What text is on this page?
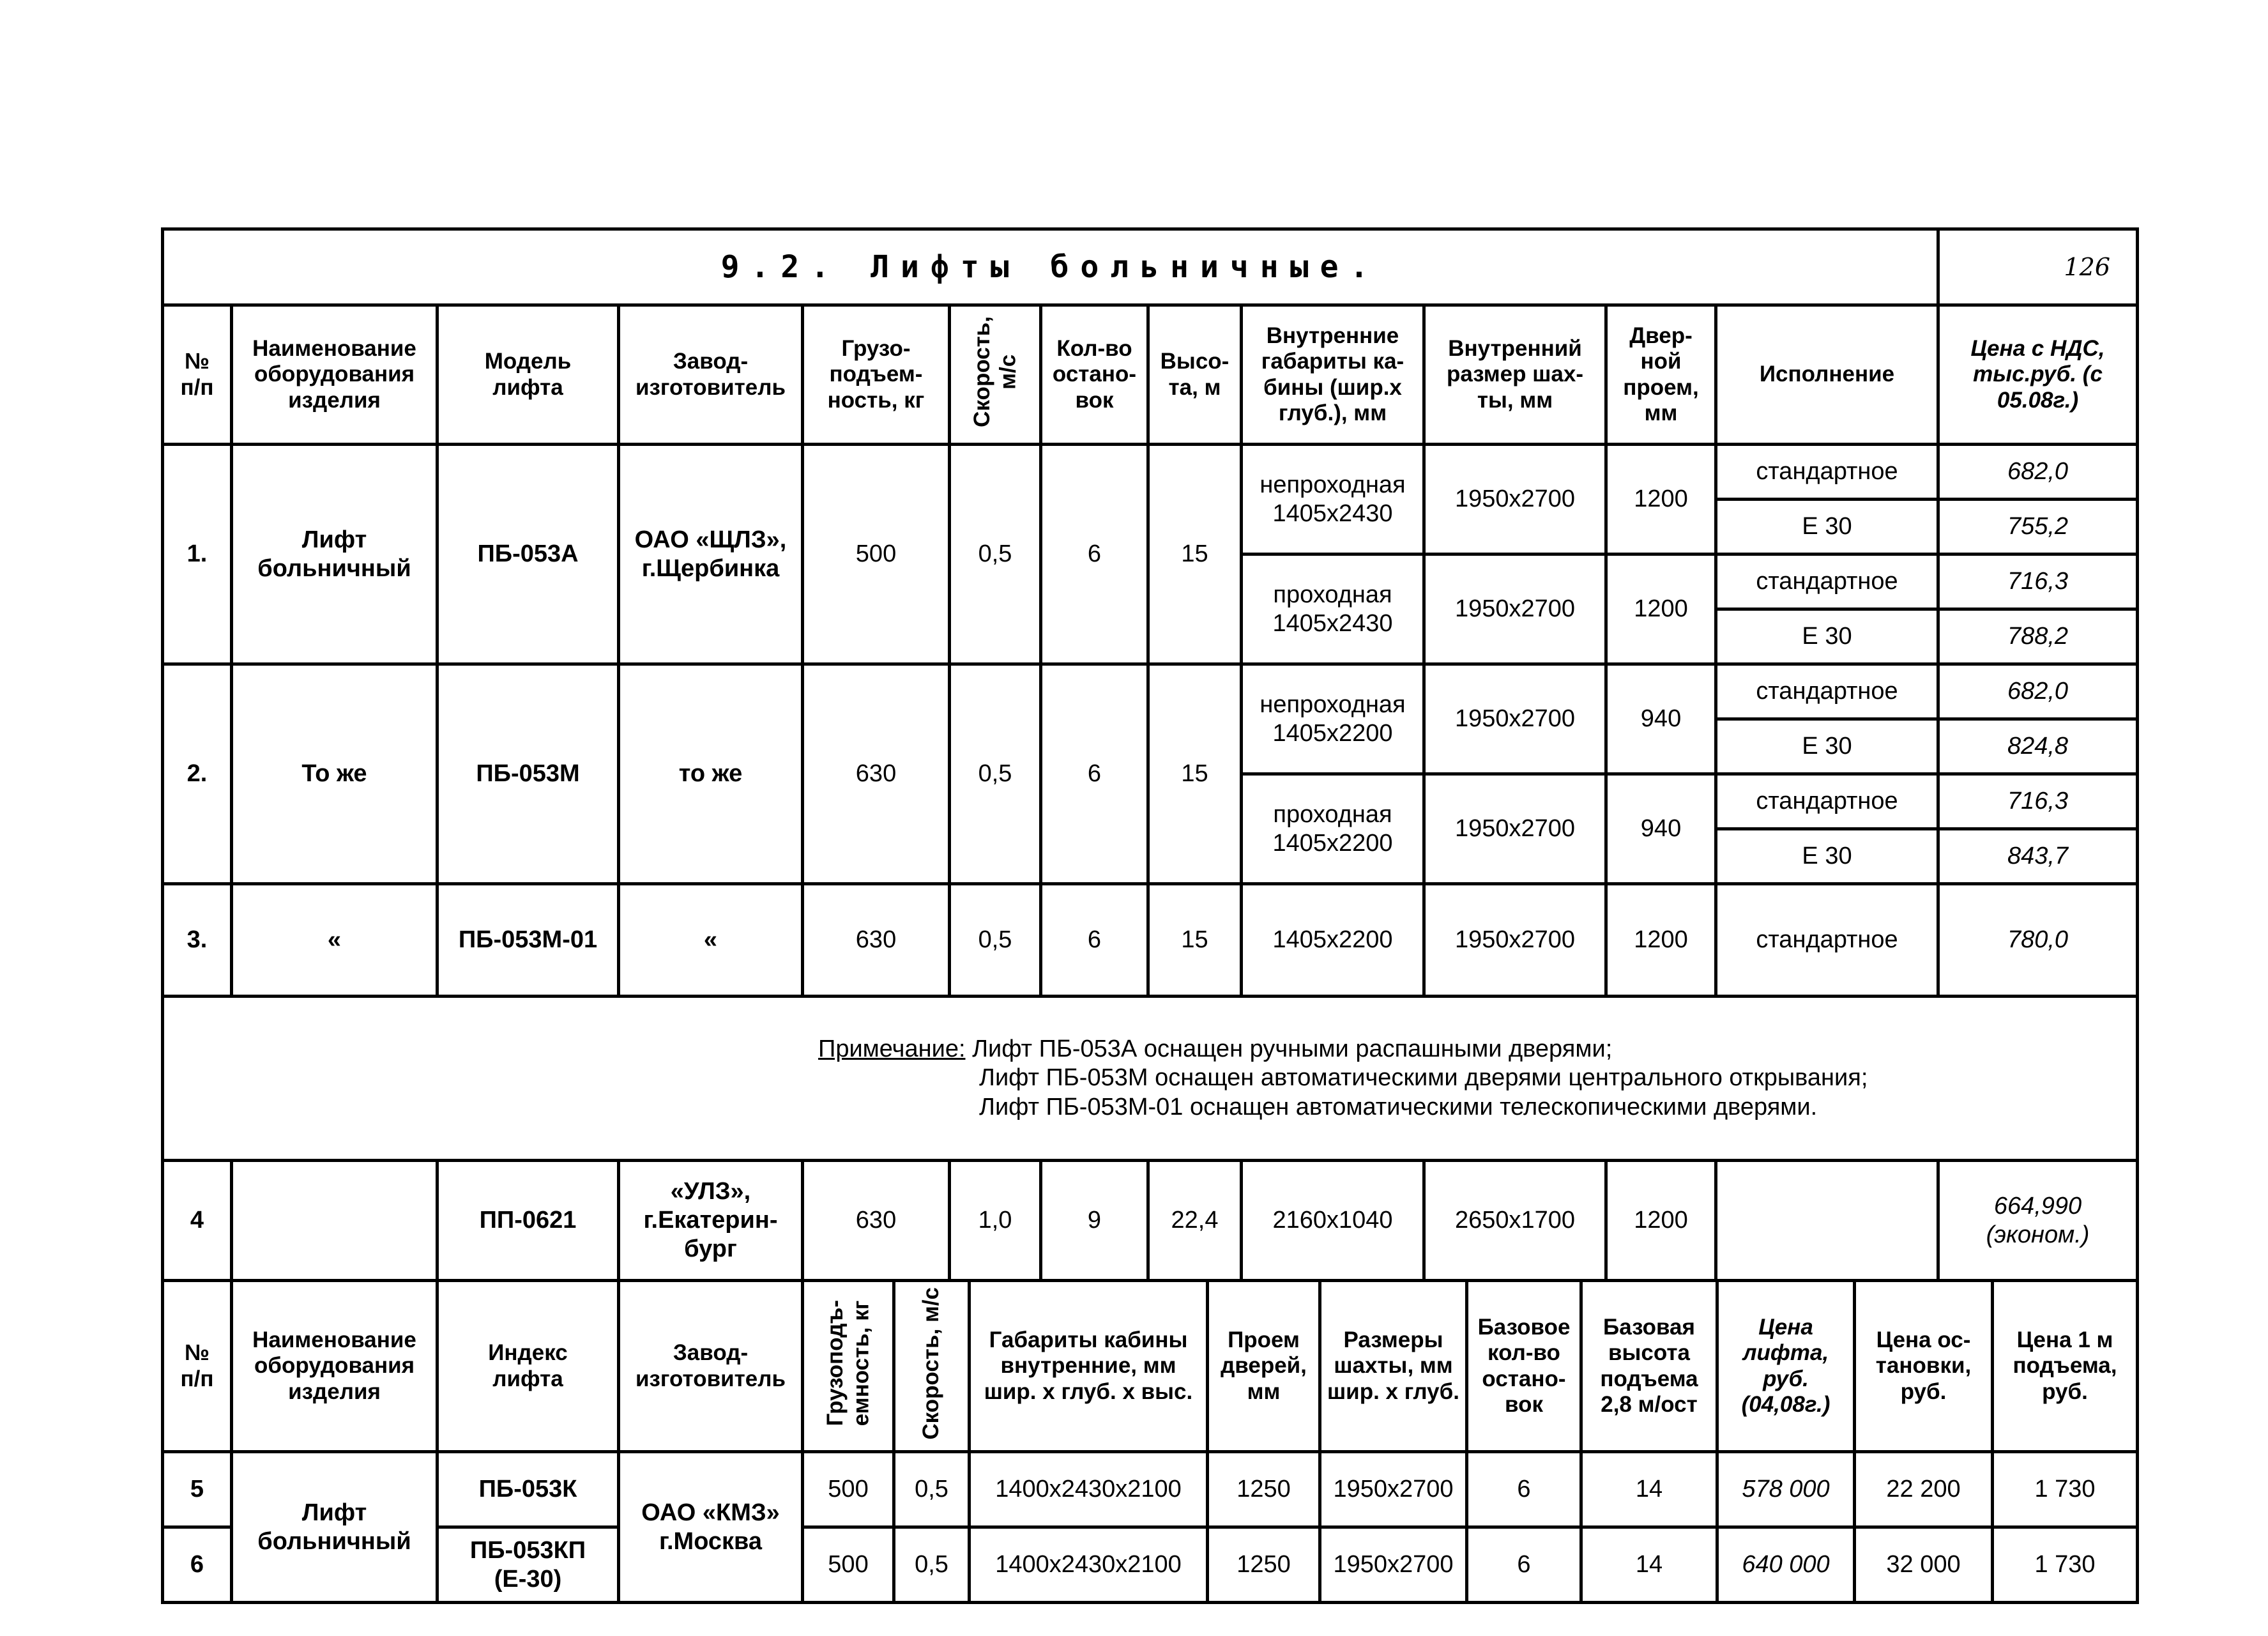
9.2. Лифты больничные.												126
№
п/п	Наименование
оборудования
изделия	Модель
лифта	Завод-
изготовитель	Грузо-
подъем-
ность, кг	Скорость,
м/с	Кол-во
остано-
вок	Высо-
та, м	Внутренние
габариты ка-
бины (шир.х
глуб.), мм	Внутренний
размер шах-
ты, мм	Двер-
ной
проем,
мм	Исполнение	Цена с НДС,
тыс.руб. (с
05.08г.)
1.	Лифт
больничный	ПБ-053А	ОАО «ЩЛЗ»,
г.Щербинка	500	0,5	6	15	непроходная
1405х2430	1950х2700	1200	стандартное	682,0
											Е 30	755,2
								проходная
1405х2430	1950х2700	1200	стандартное	716,3
											Е 30	788,2
2.	То же	ПБ-053М	то же	630	0,5	6	15	непроходная
1405х2200	1950х2700	940	стандартное	682,0
											Е 30	824,8
								проходная
1405х2200	1950х2700	940	стандартное	716,3
											Е 30	843,7
3.	«	ПБ-053М-01	«	630	0,5	6	15	1405х2200	1950х2700	1200	стандартное	780,0

Примечание: Лифт ПБ-053А оснащен ручными распашными дверями;
Лифт ПБ-053М оснащен автоматическими дверями центрального открывания;
Лифт ПБ-053М-01 оснащен автоматическими телескопическими дверями.												

4		ПП-0621	«УЛЗ»,
г.Екатерин-
бург	630	1,0	9	22,4	2160х1040	2650х1700	1200		664,990
(эконом.)
№
п/п	Наименование
оборудования
изделия	Индекс
лифта	Завод-
изготовитель	Грузоподъ-
емность, кг	Скорость, м/с	Габариты кабины
внутренние, мм
шир. х глуб. х выс.	Проем
дверей,
мм	Размеры
шахты, мм
шир. х глуб.	Базовое
кол-во
остано-
вок	Базовая
высота
подъема
2,8 м/ост	Цена
лифта,
руб.
(04,08г.)	Цена ос-
тановки,
руб.	Цена 1 м
подъема,
руб.
5	Лифт
больничный	ПБ-053К	ОАО «КМЗ»
г.Москва	500	0,5	1400х2430х2100	1250	1950х2700	6	14	578 000	22 200	1 730
6		ПБ-053КП
(Е-30)		500	0,5	1400х2430х2100	1250	1950х2700	6	14	640 000	32 000	1 730
